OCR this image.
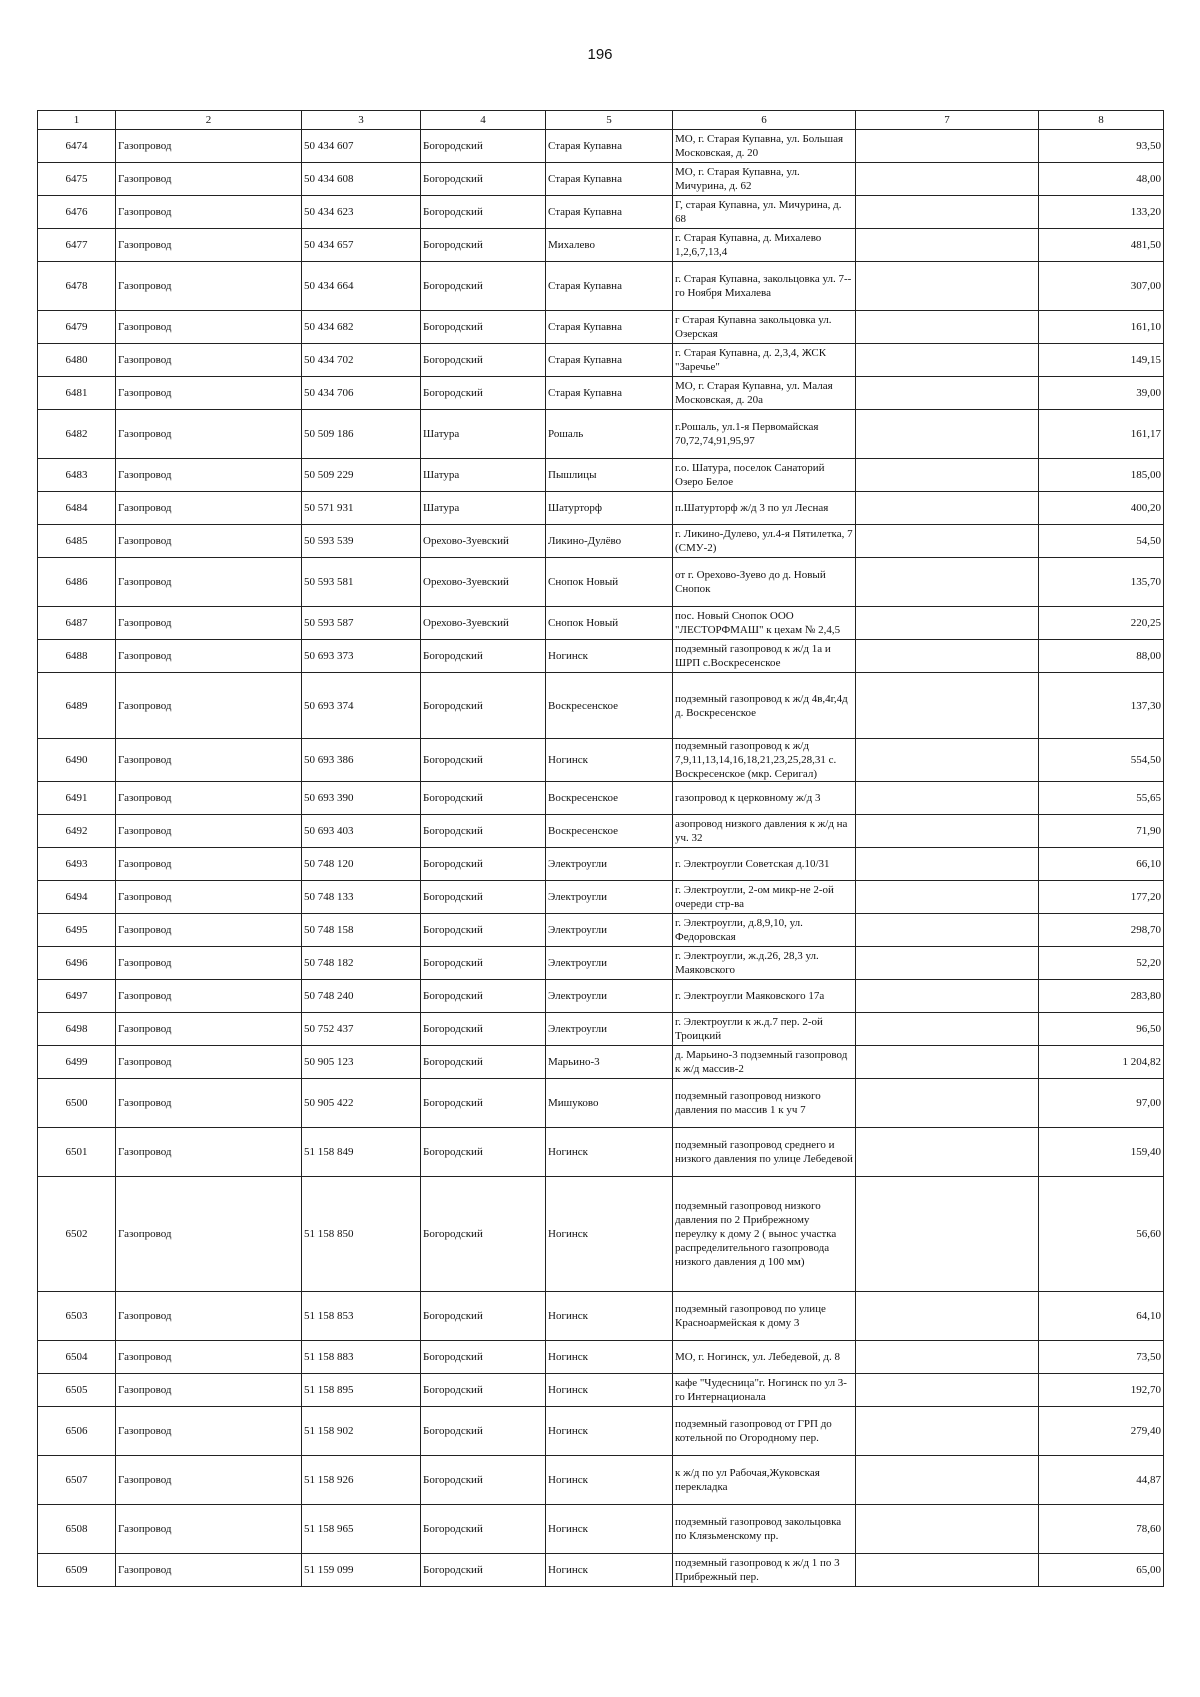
196
1	2	3	4	5	6	7	8
6474	Газопровод	50 434 607	Богородский	Старая Купавна	МО, г. Старая Купавна, ул. Большая Московская, д. 20		93,50
6475	Газопровод	50 434 608	Богородский	Старая Купавна	МО, г. Старая Купавна, ул. Мичурина, д. 62		48,00
6476	Газопровод	50 434 623	Богородский	Старая Купавна	Г, старая Купавна, ул. Мичурина, д. 68		133,20
6477	Газопровод	50 434 657	Богородский	Михалево	г. Старая Купавна, д. Михалево 1,2,6,7,13,4		481,50
6478	Газопровод	50 434 664	Богородский	Старая Купавна	г. Старая Купавна, закольцовка ул. 7--го Ноября Михалева		307,00
6479	Газопровод	50 434 682	Богородский	Старая Купавна	г Старая Купавна закольцовка ул. Озерская		161,10
6480	Газопровод	50 434 702	Богородский	Старая Купавна	г. Старая Купавна, д. 2,3,4, ЖСК "Заречье"		149,15
6481	Газопровод	50 434 706	Богородский	Старая Купавна	МО, г. Старая Купавна, ул. Малая Московская, д. 20а		39,00
6482	Газопровод	50 509 186	Шатура	Рошаль	г.Рошаль, ул.1-я Первомайская 70,72,74,91,95,97		161,17
6483	Газопровод	50 509 229	Шатура	Пышлицы	г.о. Шатура, поселок Санаторий Озеро Белое		185,00
6484	Газопровод	50 571 931	Шатура	Шатурторф	п.Шатурторф ж/д 3 по ул Лесная		400,20
6485	Газопровод	50 593 539	Орехово-Зуевский	Ликино-Дулёво	г. Ликино-Дулево, ул.4-я Пятилетка, 7 (СМУ-2)		54,50
6486	Газопровод	50 593 581	Орехово-Зуевский	Снопок Новый	от г. Орехово-Зуево до д. Новый Снопок		135,70
6487	Газопровод	50 593 587	Орехово-Зуевский	Снопок Новый	пос. Новый Снопок ООО "ЛЕСТОРФМАШ" к цехам № 2,4,5		220,25
6488	Газопровод	50 693 373	Богородский	Ногинск	подземный газопровод к ж/д 1а и ШРП с.Воскресенское		88,00
6489	Газопровод	50 693 374	Богородский	Воскресенское	подземный газопровод к ж/д 4в,4г,4д д. Воскресенское		137,30
6490	Газопровод	50 693 386	Богородский	Ногинск	подземный газопровод к ж/д 7,9,11,13,14,16,18,21,23,25,28,31 с. Воскресенское (мкр. Серигал)		554,50
6491	Газопровод	50 693 390	Богородский	Воскресенское	газопровод к церковному ж/д 3		55,65
6492	Газопровод	50 693 403	Богородский	Воскресенское	азопровод низкого давления к ж/д на уч. 32		71,90
6493	Газопровод	50 748 120	Богородский	Электроугли	г. Электроугли Советская д.10/31		66,10
6494	Газопровод	50 748 133	Богородский	Электроугли	г. Электроугли, 2-ом микр-не 2-ой очереди стр-ва		177,20
6495	Газопровод	50 748 158	Богородский	Электроугли	г. Электроугли, д.8,9,10, ул. Федоровская		298,70
6496	Газопровод	50 748 182	Богородский	Электроугли	г. Электроугли, ж.д.26, 28,3 ул. Маяковского		52,20
6497	Газопровод	50 748 240	Богородский	Электроугли	г. Электроугли Маяковского 17а		283,80
6498	Газопровод	50 752 437	Богородский	Электроугли	г. Электроугли к ж.д.7 пер. 2-ой Троицкий		96,50
6499	Газопровод	50 905 123	Богородский	Марьино-3	д. Марьино-3 подземный газопровод к ж/д массив-2		1 204,82
6500	Газопровод	50 905 422	Богородский	Мишуково	подземный газопровод низкого давления по массив 1 к уч 7		97,00
6501	Газопровод	51 158 849	Богородский	Ногинск	подземный газопровод среднего и низкого давления по улице Лебедевой		159,40
6502	Газопровод	51 158 850	Богородский	Ногинск	подземный газопровод низкого давления по 2 Прибрежному переулку к дому 2 ( вынос участка распределительного газопровода низкого давления д 100 мм)		56,60
6503	Газопровод	51 158 853	Богородский	Ногинск	подземный газопровод по улице Красноармейская к дому 3		64,10
6504	Газопровод	51 158 883	Богородский	Ногинск	МО, г. Ногинск, ул. Лебедевой, д. 8		73,50
6505	Газопровод	51 158 895	Богородский	Ногинск	кафе "Чудесница"г. Ногинск по ул 3- го Интернационала		192,70
6506	Газопровод	51 158 902	Богородский	Ногинск	подземный газопровод от ГРП до котельной по Огородному пер.		279,40
6507	Газопровод	51 158 926	Богородский	Ногинск	к ж/д по ул Рабочая,Жуковская перекладка		44,87
6508	Газопровод	51 158 965	Богородский	Ногинск	подземный газопровод закольцовка по Клязьменскому пр.		78,60
6509	Газопровод	51 159 099	Богородский	Ногинск	подземный газопровод к ж/д 1 по 3 Прибрежный пер.		65,00
